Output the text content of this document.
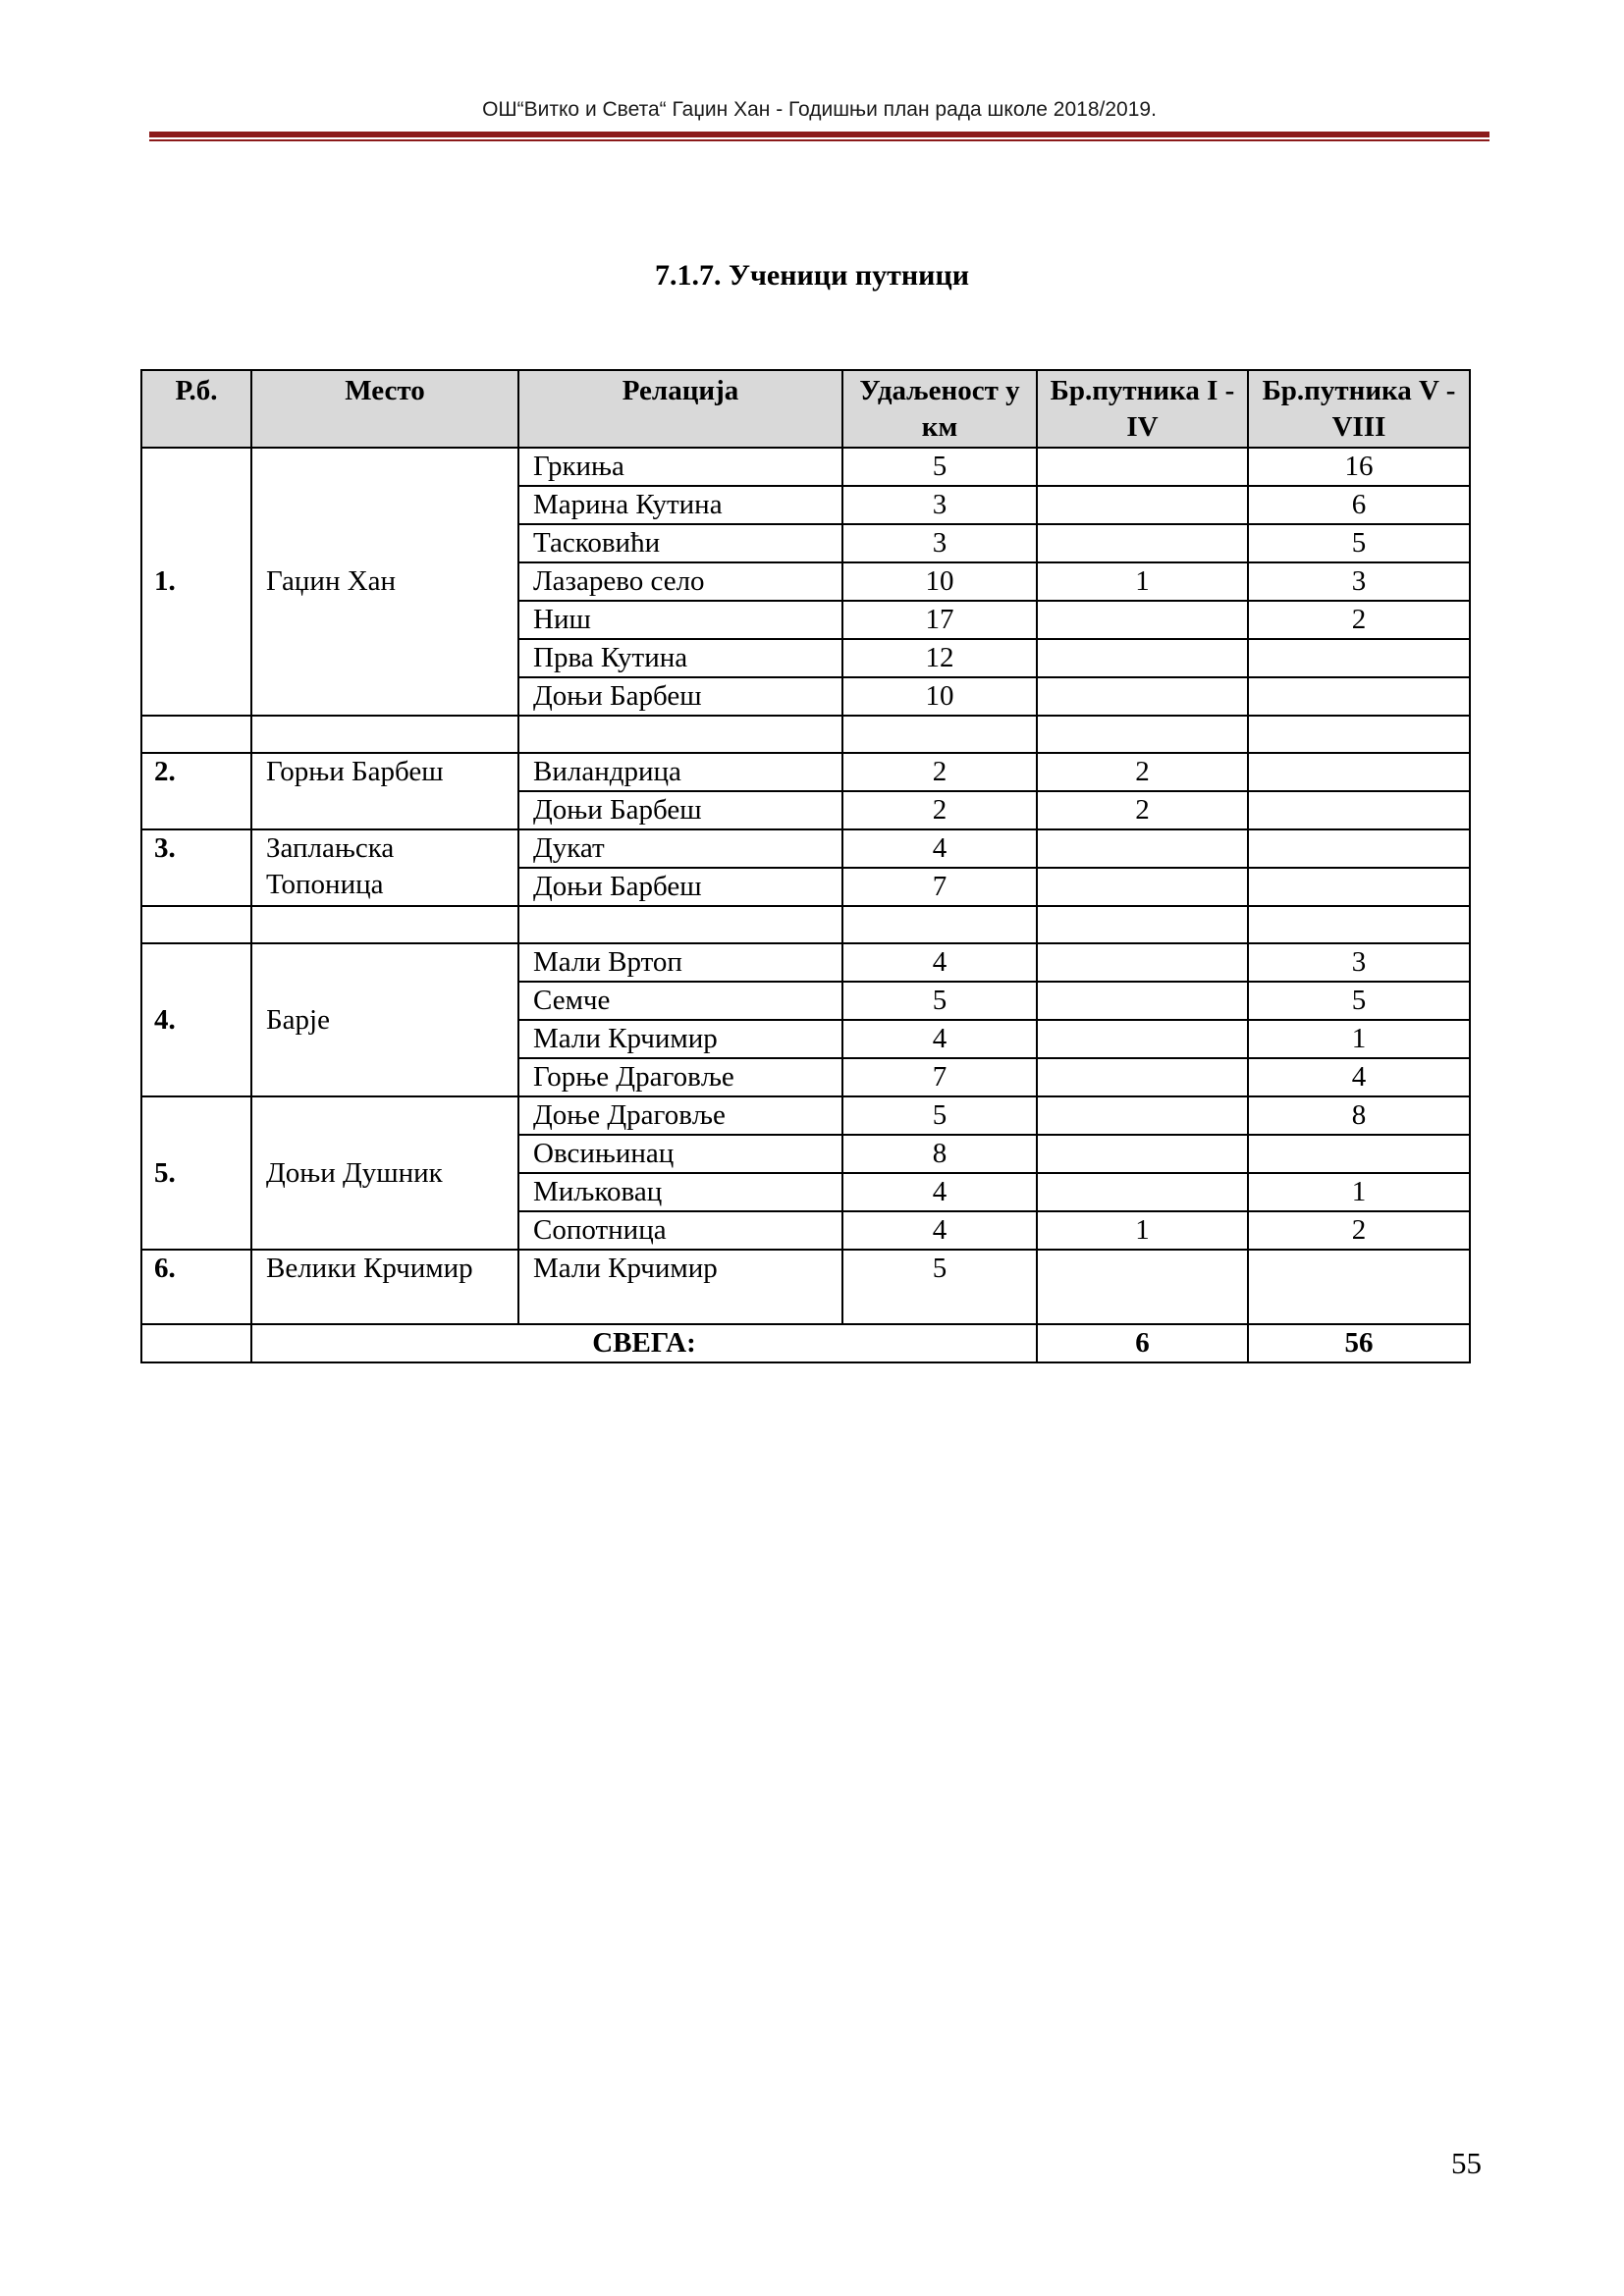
ОШ“Витко и Света“ Гаџин Хан - Годишњи план рада школе 2018/2019.
7.1.7. Ученици путници
Р.б.	Место	Релација	Удаљеност у км	Бр.путника I - IV	Бр.путника V - VIII
1.	Гаџин Хан	Гркиња	5		16
		Марина Кутина	3		6
		Тасковићи	3		5
		Лазарево село	10	1	3
		Ниш	17		2
		Прва Кутина	12		
		Доњи Барбеш	10		

2.	Горњи Барбеш	Виландрица	2	2	
		Доњи Барбеш	2	2	
3.	Заплањска Топоница	Дукат	4		
		Доњи Барбеш	7		

4.	Барје	Мали Вртоп	4		3
		Семче	5		5
		Мали Крчимир	4		1
		Горње Драговље	7		4
5.	Доњи Душник	Доње Драговље	5		8
		Овсињинац	8		
		Миљковац	4		1
		Сопотница	4	1	2
6.	Велики Крчимир	Мали Крчимир	5		
	СВЕГА:			6	56
55
